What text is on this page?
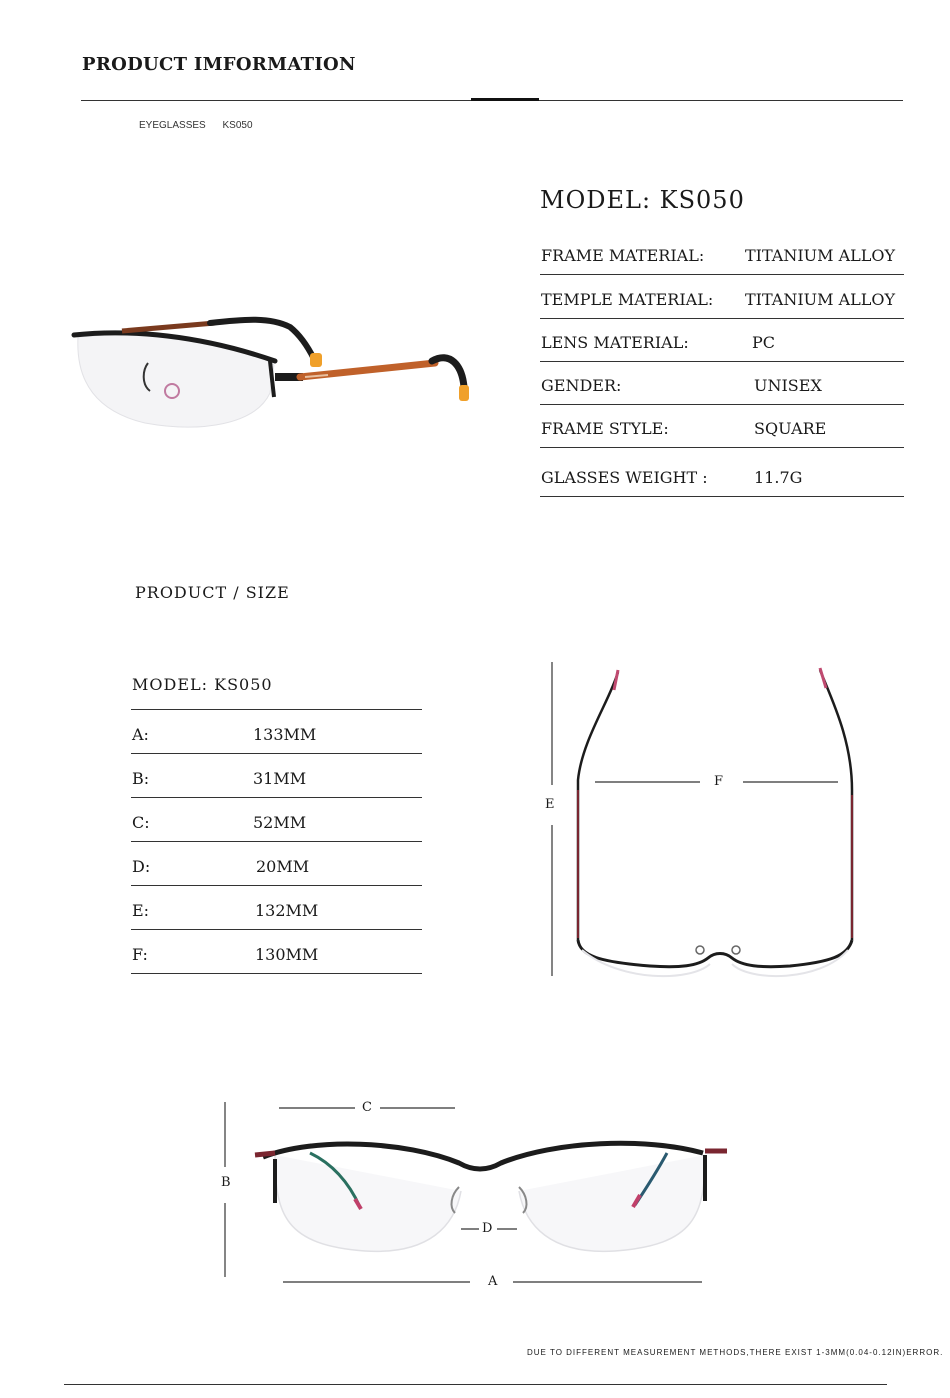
PRODUCT IMFORMATION
EYEGLASSES KS050
MODEL: KS050
FRAME MATERIAL:	TITANIUM ALLOY
TEMPLE MATERIAL: TITANIUM ALLOY
LENS MATERIAL:	PC
GENDER:	UNISEX
FRAME STYLE:	SQUARE
GLASSES WEIGHT :	11.7G
PRODUCT / SIZE
MODEL: KS050
A:	133MM
B:	31MM
C:	52MM
D:	20MM
E:	132MM
F:	130MM
F
E
C
B
D
A
DUE TO DIFFERENT MEASUREMENT METHODS,THERE EXIST 1-3MM(0.04-0.12IN)ERROR.
